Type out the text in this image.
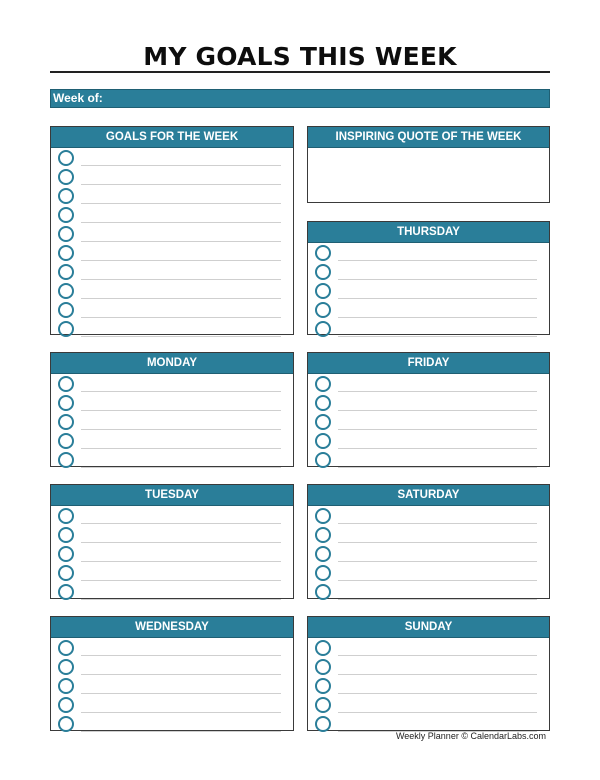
MY GOALS THIS WEEK
Week of:
GOALS FOR THE WEEK	INSPIRING QUOTE OF THE WEEK
THURSDAY
MONDAY	FRIDAY
TUESDAY	SATURDAY
WEDNESDAY	SUNDAY
Weekly Planner © CalendarLabs.com
